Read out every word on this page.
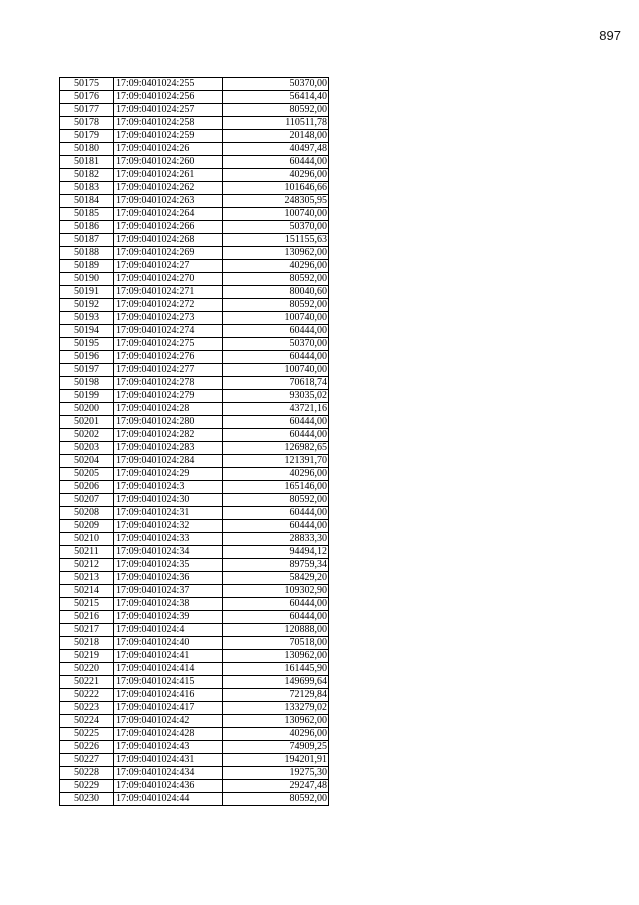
897
50175	17:09:0401024:255	50370,00
50176	17:09:0401024:256	56414,40
50177	17:09:0401024:257	80592,00
50178	17:09:0401024:258	110511,78
50179	17:09:0401024:259	20148,00
50180	17:09:0401024:26	40497,48
50181	17:09:0401024:260	60444,00
50182	17:09:0401024:261	40296,00
50183	17:09:0401024:262	101646,66
50184	17:09:0401024:263	248305,95
50185	17:09:0401024:264	100740,00
50186	17:09:0401024:266	50370,00
50187	17:09:0401024:268	151155,63
50188	17:09:0401024:269	130962,00
50189	17:09:0401024:27	40296,00
50190	17:09:0401024:270	80592,00
50191	17:09:0401024:271	80040,60
50192	17:09:0401024:272	80592,00
50193	17:09:0401024:273	100740,00
50194	17:09:0401024:274	60444,00
50195	17:09:0401024:275	50370,00
50196	17:09:0401024:276	60444,00
50197	17:09:0401024:277	100740,00
50198	17:09:0401024:278	70618,74
50199	17:09:0401024:279	93035,02
50200	17:09:0401024:28	43721,16
50201	17:09:0401024:280	60444,00
50202	17:09:0401024:282	60444,00
50203	17:09:0401024:283	126982,65
50204	17:09:0401024:284	121391,70
50205	17:09:0401024:29	40296,00
50206	17:09:0401024:3	165146,00
50207	17:09:0401024:30	80592,00
50208	17:09:0401024:31	60444,00
50209	17:09:0401024:32	60444,00
50210	17:09:0401024:33	28833,30
50211	17:09:0401024:34	94494,12
50212	17:09:0401024:35	89759,34
50213	17:09:0401024:36	58429,20
50214	17:09:0401024:37	109302,90
50215	17:09:0401024:38	60444,00
50216	17:09:0401024:39	60444,00
50217	17:09:0401024:4	120888,00
50218	17:09:0401024:40	70518,00
50219	17:09:0401024:41	130962,00
50220	17:09:0401024:414	161445,90
50221	17:09:0401024:415	149699,64
50222	17:09:0401024:416	72129,84
50223	17:09:0401024:417	133279,02
50224	17:09:0401024:42	130962,00
50225	17:09:0401024:428	40296,00
50226	17:09:0401024:43	74909,25
50227	17:09:0401024:431	194201,91
50228	17:09:0401024:434	19275,30
50229	17:09:0401024:436	29247,48
50230	17:09:0401024:44	80592,00
